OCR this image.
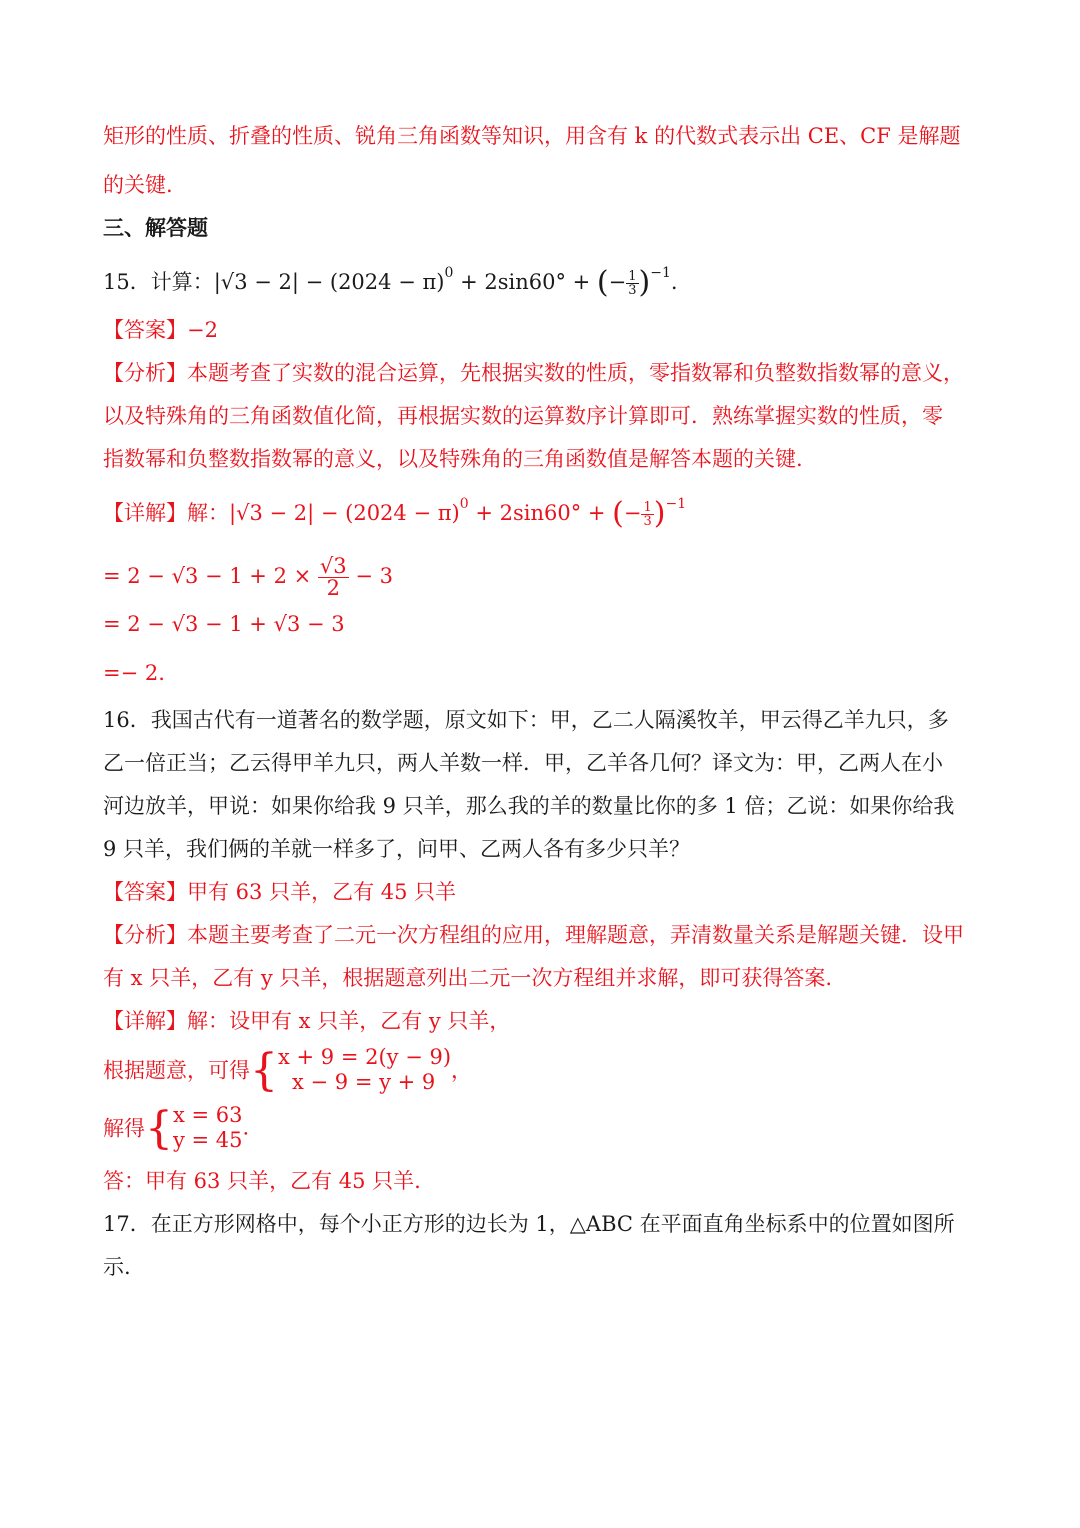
矩形的性质、折叠的性质、锐角三角函数等知识，用含有 k 的代数式表示出 CE、CF 是解题
的关键.
三、解答题
15．计算：$|√3 - 2| - (2024 - \pi)^0 + 2\sin 60^\circ$ + (− $\frac{1}{3} )^{-1}$.
【答案】−2
【分析】本题考查了实数的混合运算，先根据实数的性质，零指数幂和负整数指数幂的意义，
以及特殊角的三角函数值化简，再根据实数的运算数序计算即可．熟练掌握实数的性质，零
指数幂和负整数指数幂的意义，以及特殊角的三角函数值是解答本题的关键.
【详解】解：$|√3 - 2| - (2024 - \pi)^0 + 2\sin 60^\circ$ + (− $\frac{1}{3} )^{-1}$
= $2 - √3 - 1 + 2 \times \frac{√3}{2} - 3$
= 2 − √3 − 1 + √3 − 3
=− 2.
16．我国古代有一道著名的数学题，原文如下：甲，乙二人隔溪牧羊，甲云得乙羊九只，多
乙一倍正当；乙云得甲羊九只，两人羊数一样．甲，乙羊各几何？译文为：甲，乙两人在小
河边放羊，甲说：如果你给我 9 只羊，那么我的羊的数量比你的多 1 倍；乙说：如果你给我
9 只羊，我们俩的羊就一样多了，问甲、乙两人各有多少只羊？
【答案】甲有 63 只羊，乙有 45 只羊
【分析】本题主要考查了二元一次方程组的应用，理解题意，弄清数量关系是解题关键．设甲
有 x 只羊，乙有 y 只羊，根据题意列出二元一次方程组并求解，即可获得答案.
【详解】解：设甲有 x 只羊，乙有 y 只羊，
根据题意，可得{ x + 9 = 2(y − 9)
x − 9 = y + 9 ，
解得{ x = 63
y = 45 .
答：甲有 63 只羊，乙有 45 只羊.
17．在正方形网格中，每个小正方形的边长为 1，△ABC 在平面直角坐标系中的位置如图所
示.
